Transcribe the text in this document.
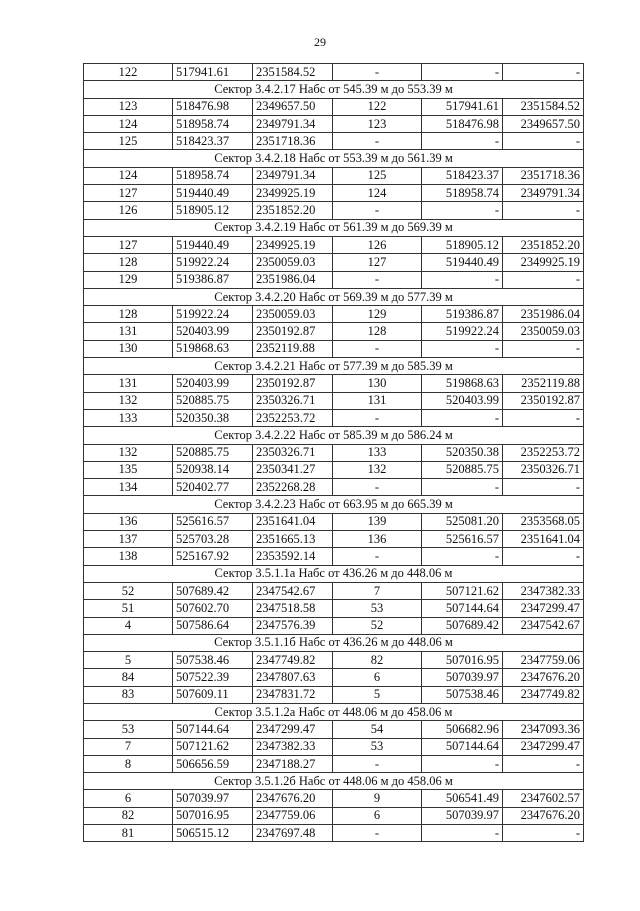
29
122	517941.61	2351584.52	-	-	-
Сектор 3.4.2.17 Набс от 545.39 м до 553.39 м					
123	518476.98	2349657.50	122	517941.61	2351584.52
124	518958.74	2349791.34	123	518476.98	2349657.50
125	518423.37	2351718.36	-	-	-
Сектор 3.4.2.18 Набс от 553.39 м до 561.39 м					
124	518958.74	2349791.34	125	518423.37	2351718.36
127	519440.49	2349925.19	124	518958.74	2349791.34
126	518905.12	2351852.20	-	-	-
Сектор 3.4.2.19 Набс от 561.39 м до 569.39 м					
127	519440.49	2349925.19	126	518905.12	2351852.20
128	519922.24	2350059.03	127	519440.49	2349925.19
129	519386.87	2351986.04	-	-	-
Сектор 3.4.2.20 Набс от 569.39 м до 577.39 м					
128	519922.24	2350059.03	129	519386.87	2351986.04
131	520403.99	2350192.87	128	519922.24	2350059.03
130	519868.63	2352119.88	-	-	-
Сектор 3.4.2.21 Набс от 577.39 м до 585.39 м					
131	520403.99	2350192.87	130	519868.63	2352119.88
132	520885.75	2350326.71	131	520403.99	2350192.87
133	520350.38	2352253.72	-	-	-
Сектор 3.4.2.22 Набс от 585.39 м до 586.24 м					
132	520885.75	2350326.71	133	520350.38	2352253.72
135	520938.14	2350341.27	132	520885.75	2350326.71
134	520402.77	2352268.28	-	-	-
Сектор 3.4.2.23 Набс от 663.95 м до 665.39 м					
136	525616.57	2351641.04	139	525081.20	2353568.05
137	525703.28	2351665.13	136	525616.57	2351641.04
138	525167.92	2353592.14	-	-	-
Сектор 3.5.1.1а Набс от 436.26 м до 448.06 м					
52	507689.42	2347542.67	7	507121.62	2347382.33
51	507602.70	2347518.58	53	507144.64	2347299.47
4	507586.64	2347576.39	52	507689.42	2347542.67
Сектор 3.5.1.1б Набс от 436.26 м до 448.06 м					
5	507538.46	2347749.82	82	507016.95	2347759.06
84	507522.39	2347807.63	6	507039.97	2347676.20
83	507609.11	2347831.72	5	507538.46	2347749.82
Сектор 3.5.1.2а Набс от 448.06 м до 458.06 м					
53	507144.64	2347299.47	54	506682.96	2347093.36
7	507121.62	2347382.33	53	507144.64	2347299.47
8	506656.59	2347188.27	-	-	-
Сектор 3.5.1.2б Набс от 448.06 м до 458.06 м					
6	507039.97	2347676.20	9	506541.49	2347602.57
82	507016.95	2347759.06	6	507039.97	2347676.20
81	506515.12	2347697.48	-	-	-
